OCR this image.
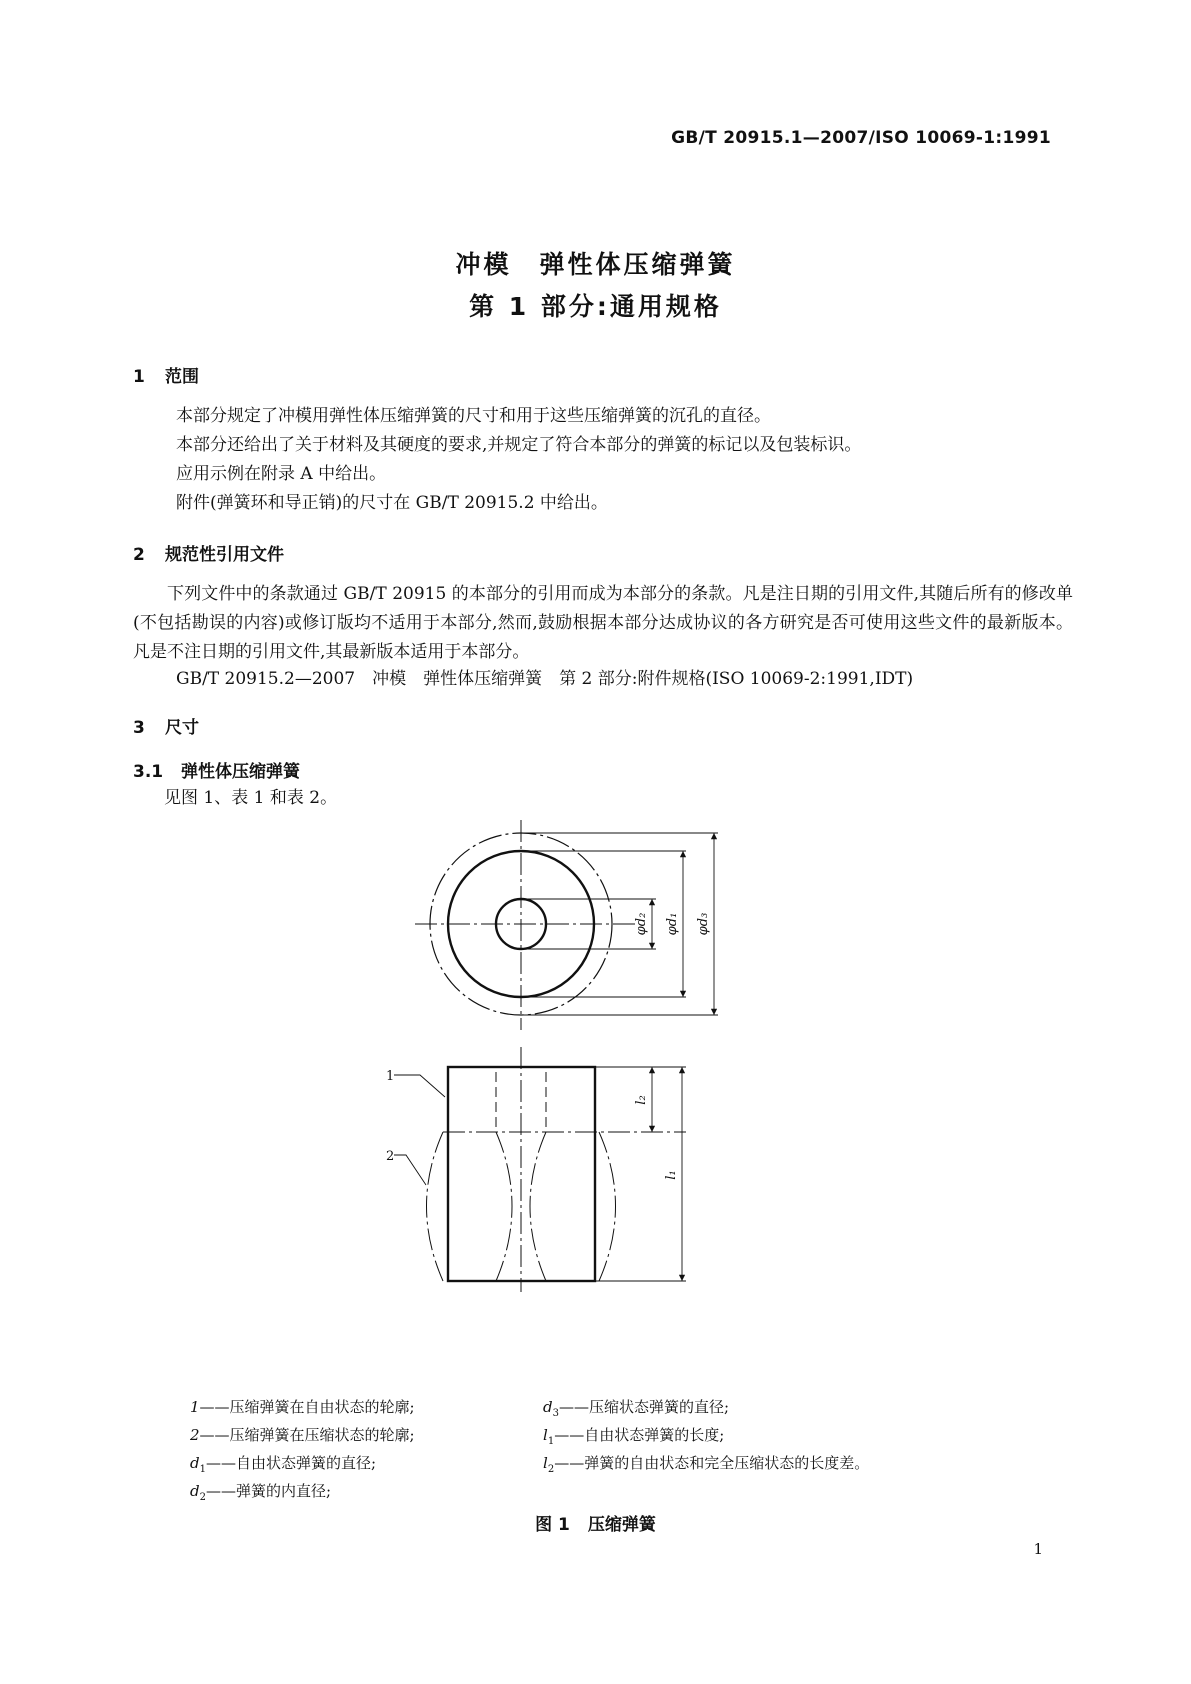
GB/T 20915.1—2007/ISO 10069-1:1991
冲模　弹性体压缩弹簧
第 1 部分:通用规格
1 范围
本部分规定了冲模用弹性体压缩弹簧的尺寸和用于这些压缩弹簧的沉孔的直径。
本部分还给出了关于材料及其硬度的要求,并规定了符合本部分的弹簧的标记以及包装标识。
应用示例在附录 A 中给出。
附件(弹簧环和导正销)的尺寸在 GB/T 20915.2 中给出。
2 规范性引用文件
下列文件中的条款通过 GB/T 20915 的本部分的引用而成为本部分的条款。凡是注日期的引用文件,其随后所有的修改单(不包括勘误的内容)或修订版均不适用于本部分,然而,鼓励根据本部分达成协议的各方研究是否可使用这些文件的最新版本。凡是不注日期的引用文件,其最新版本适用于本部分。
GB/T 20915.2—2007　冲模　弹性体压缩弹簧　第 2 部分:附件规格(ISO 10069-2:1991,IDT)
3 尺寸
3.1 弹性体压缩弹簧
见图 1、表 1 和表 2。
φd₂ φd₁ φd₃
l₂
l₁
1
2
1——压缩弹簧在自由状态的轮廓;
2——压缩弹簧在压缩状态的轮廓;
$d_1——$自由状态弹簧的直径;
$d_2——$弹簧的内直径;
$d_3——$压缩状态弹簧的直径;
$l_1——$自由状态弹簧的长度;
$l_2——$弹簧的自由状态和完全压缩状态的长度差。
图 1 压缩弹簧
1
